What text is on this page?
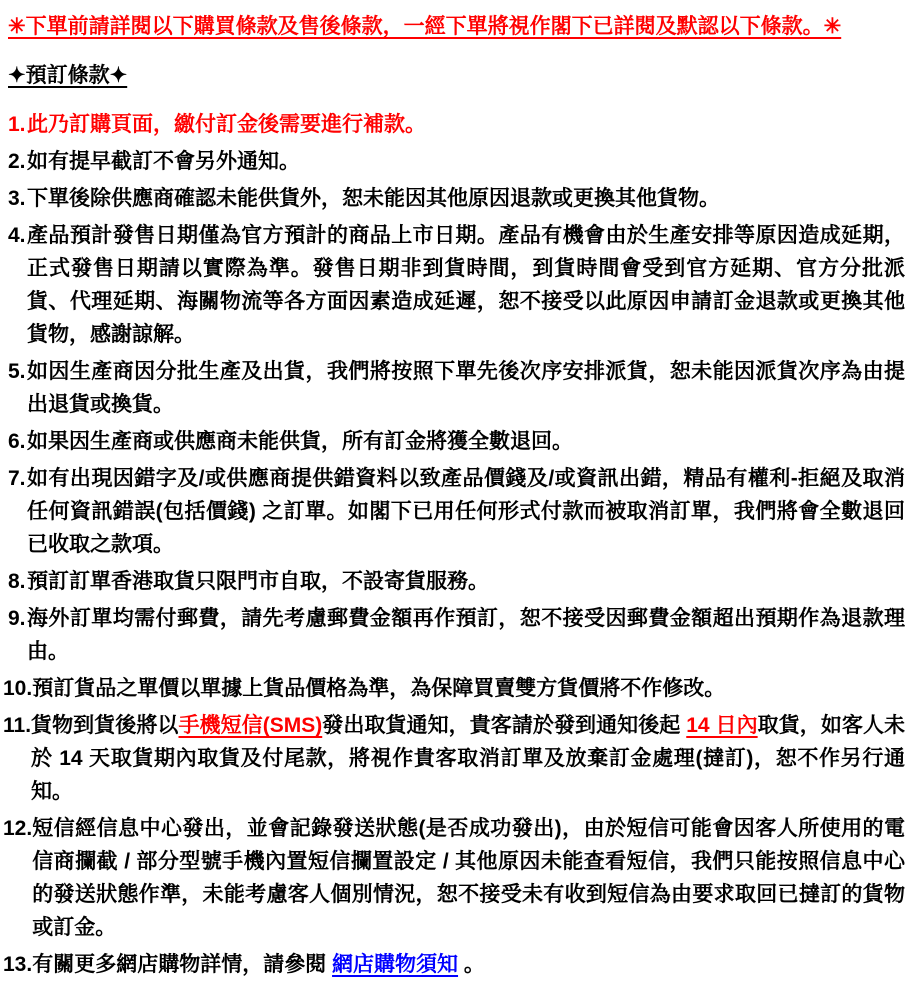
✳︎下單前請詳閱以下購買條款及售後條款，一經下單將視作閣下已詳閱及默認以下條款。✳︎
✦預訂條款✦
1. 此乃訂購頁面，繳付訂金後需要進行補款。
2. 如有提早截訂不會另外通知。
3. 下單後除供應商確認未能供貨外，恕未能因其他原因退款或更換其他貨物。
4. 產品預計發售日期僅為官方預計的商品上市日期。產品有機會由於生產安排等原因造成延期，正式發售日期請以實際為準。發售日期非到貨時間，到貨時間會受到官方延期、官方分批派貨、代理延期、海關物流等各方面因素造成延遲，恕不接受以此原因申請訂金退款或更換其他貨物，感謝諒解。
5. 如因生產商因分批生產及出貨，我們將按照下單先後次序安排派貨，恕未能因派貨次序為由提出退貨或換貨。
6. 如果因生產商或供應商未能供貨，所有訂金將獲全數退回。
7. 如有出現因錯字及/或供應商提供錯資料以致產品價錢及/或資訊出錯，精品有權利-拒絕及取消任何資訊錯誤(包括價錢) 之訂單。如閣下已用任何形式付款而被取消訂單，我們將會全數退回已收取之款項。
8. 預訂訂單香港取貨只限門市自取，不設寄貨服務。
9. 海外訂單均需付郵費，請先考慮郵費金額再作預訂，恕不接受因郵費金額超出預期作為退款理由。
10. 預訂貨品之單價以單據上貨品價格為準，為保障買賣雙方貨價將不作修改。
11. 貨物到貨後將以手機短信(SMS)發出取貨通知，貴客請於發到通知後起 14 日內取貨，如客人未於 14 天取貨期內取貨及付尾款，將視作貴客取消訂單及放棄訂金處理(撻訂)，恕不作另行通知。
12. 短信經信息中心發出，並會記錄發送狀態(是否成功發出)，由於短信可能會因客人所使用的電信商攔截 / 部分型號手機內置短信攔置設定 / 其他原因未能查看短信，我們只能按照信息中心的發送狀態作準，未能考慮客人個別情況，恕不接受未有收到短信為由要求取回已撻訂的貨物或訂金。
13. 有關更多網店購物詳情，請參閱 網店購物須知 。
